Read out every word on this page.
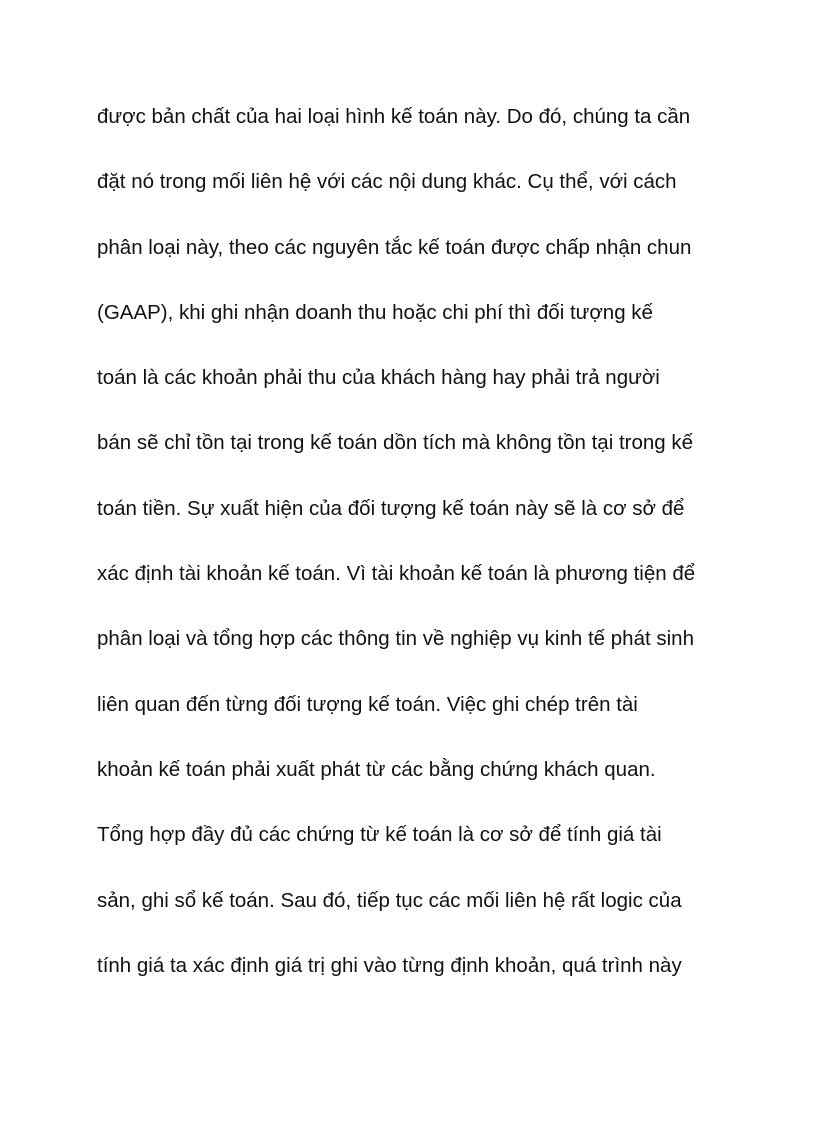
được bản chất của hai loại hình kế toán này. Do đó, chúng ta cần
đặt nó trong mối liên hệ với các nội dung khác. Cụ thể, với cách
phân loại này, theo các nguyên tắc kế toán được chấp nhận chun
(GAAP), khi ghi nhận doanh thu hoặc chi phí thì đối tượng kế
toán là các khoản phải thu của khách hàng hay phải trả người
bán sẽ chỉ tồn tại trong kế toán dồn tích mà không tồn tại trong kế
toán tiền. Sự xuất hiện của đối tượng kế toán này sẽ là cơ sở để
xác định tài khoản kế toán. Vì tài khoản kế toán là phương tiện để
phân loại và tổng hợp các thông tin về nghiệp vụ kinh tế phát sinh
liên quan đến từng đối tượng kế toán. Việc ghi chép trên tài
khoản kế toán phải xuất phát từ các bằng chứng khách quan.
Tổng hợp đầy đủ các chứng từ kế toán là cơ sở để tính giá tài
sản, ghi sổ kế toán. Sau đó, tiếp tục các mối liên hệ rất logic của
tính giá ta xác định giá trị ghi vào từng định khoản, quá trình này
